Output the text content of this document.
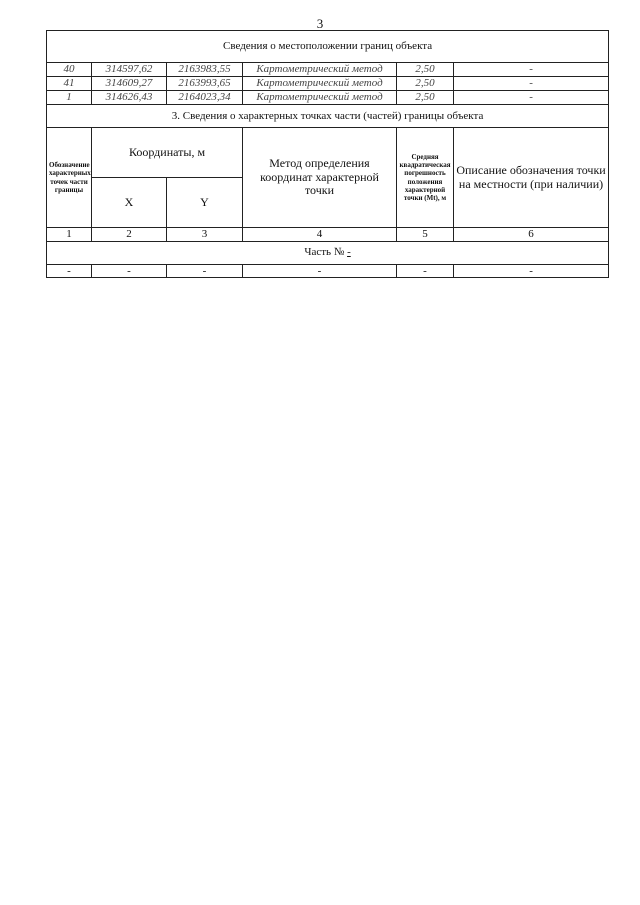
3
Сведения о местоположении границ объекта					
40	314597,62	2163983,55	Картометрический метод	2,50	-
41	314609,27	2163993,65	Картометрический метод	2,50	-
1	314626,43	2164023,34	Картометрический метод	2,50	-
3. Сведения о характерных точках части (частей) границы объекта					
Обозначение характерных точек части границы	Координаты, м		Метод определения координат характерной точки	Средняя квадратическая погрешность положения характерной точки (Mt), м	Описание обозначения точки на местности (при наличии)
	X	Y			
1	2	3	4	5	6
Часть № -					
-	-	-	-	-	-
